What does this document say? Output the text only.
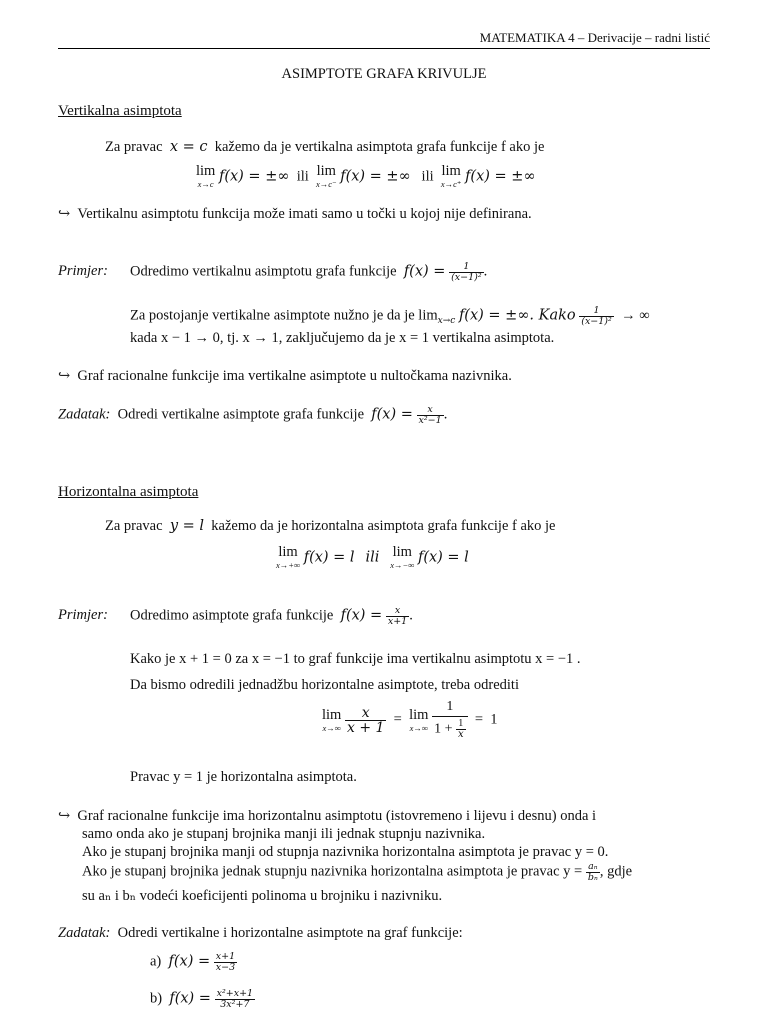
MATEMATIKA 4 – Derivacije – radni listić
ASIMPTOTE GRAFA KRIVULJE
Vertikalna asimptota
Za pravac x = c kažemo da je vertikalna asimptota grafa funkcije f ako je
lim
x→c f(x) = ±∞ ili lim
x→c⁻ f(x) = ±∞ ili lim
x→c⁺ f(x) = ±∞
↪ Vertikalnu asimptotu funkcija može imati samo u točki u kojoj nije definirana.
Primjer: Odredimo vertikalnu asimptotu grafa funkcije $f(x) = \frac{1}{\text{(x−1)²}}$ .
Za postojanje vertikalne asimptote nužno je da je $\lim_{x\to c} f(x)$ = ±∞. Kako $\frac{1}{\text{(x−1)²}}$ → ∞
kada x − 1 → 0, tj. x → 1, zaključujemo da je x = 1 vertikalna asimptota.
↪ Graf racionalne funkcije ima vertikalne asimptote u nultočkama nazivnika.
Zadatak: Odredi vertikalne asimptote grafa funkcije $f(x) = \frac{x}{\text{x²−1}}$ .
Horizontalna asimptota
Za pravac y = l kažemo da je horizontalna asimptota grafa funkcije f ako je
lim
x→+∞ f(x) = l ili lim
x→−∞ f(x) = l
Primjer: Odredimo asimptote grafa funkcije $f(x) = \frac{x}{x+1}$ .
Kako je x + 1 = 0 za x = −1 to graf funkcije ima vertikalnu asimptotu x = −1 .
Da bismo odredili jednadžbu horizontalne asimptote, treba odrediti
lim
x→∞
$\frac{x}{x + 1} = \lim$
x→∞
$\frac{1}{1 + \frac{1}{x}} = 1$
Pravac y = 1 je horizontalna asimptota.
↪ Graf racionalne funkcije ima horizontalnu asimptotu (istovremeno i lijevu i desnu) onda i
samo onda ako je stupanj brojnika manji ili jednak stupnju nazivnika.
Ako je stupanj brojnika manji od stupnja nazivnika horizontalna asimptota je pravac y = 0.
Ako je stupanj brojnika jednak stupnju nazivnika horizontalna asimptota je pravac $y = \frac{\text{aₙ}}{\text{bₙ}}$ , gdje
su aₙ i bₙ vodeći koeficijenti polinoma u brojniku i nazivniku.
Zadatak: Odredi vertikalne i horizontalne asimptote na graf funkcije:
a) $f(x) = \frac{x+1}{x-3}$
b) $f(x) = \frac{\text{x²+x+1}}{\text{3x²+7}}$
